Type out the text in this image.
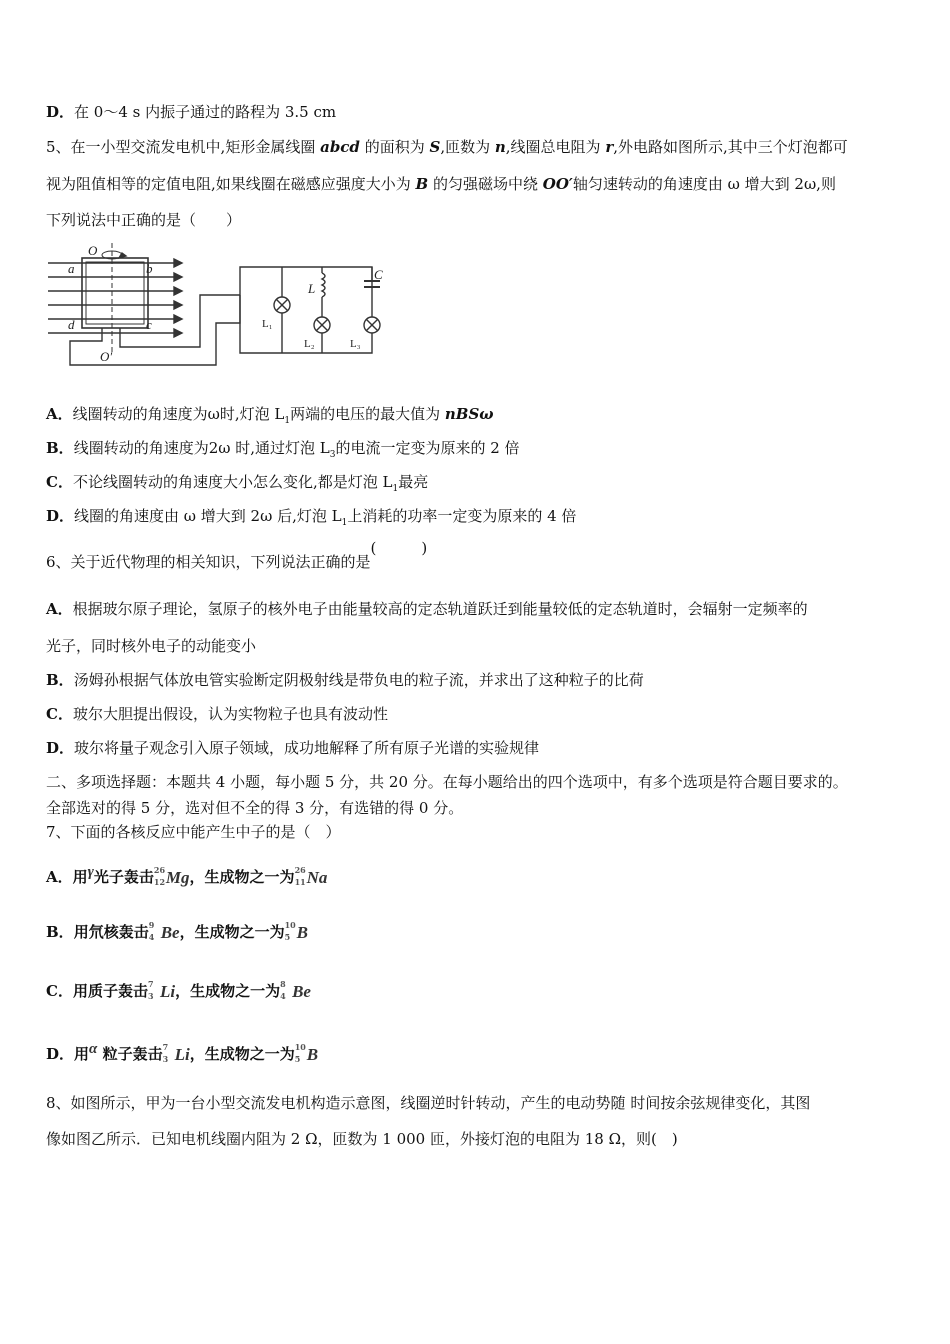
D．在 0～4 s 内振子通过的路程为 3.5 cm
5、在一小型交流发电机中,矩形金属线圈 abcd 的面积为 S,匝数为 n,线圈总电阻为 r,外电路如图所示,其中三个灯泡都可
视为阻值相等的定值电阻,如果线圈在磁感应强度大小为 B 的匀强磁场中绕 OO′轴匀速转动的角速度由 ω 增大到 2ω,则
下列说法中正确的是（　　）
O
a	b
c
d
O′
L
C
L₁
L₂	L₃
A．线圈转动的角速度为ω时,灯泡 $L_1$两端的电压的最大值为 nBSω
B．线圈转动的角速度为2ω 时,通过灯泡 $L_3$的电流一定变为原来的 2 倍
C．不论线圈转动的角速度大小怎么变化,都是灯泡 $L_1$最亮
D．线圈的角速度由 ω 增大到 2ω 后,灯泡 $L_1$上消耗的功率一定变为原来的 4 倍
6、关于近代物理的相关知识，下列说法正确的是(　　　)
A．根据玻尔原子理论，氢原子的核外电子由能量较高的定态轨道跃迁到能量较低的定态轨道时，会辐射一定频率的
光子，同时核外电子的动能变小
B．汤姆孙根据气体放电管实验断定阴极射线是带负电的粒子流，并求出了这种粒子的比荷
C．玻尔大胆提出假设，认为实物粒子也具有波动性
D．玻尔将量子观念引入原子领域，成功地解释了所有原子光谱的实验规律
二、多项选择题：本题共 4 小题，每小题 5 分，共 20 分。在每小题给出的四个选项中，有多个选项是符合题目要求的。
全部选对的得 5 分，选对但不全的得 3 分，有选错的得 0 分。
7、下面的各核反应中能产生中子的是（　）
A．用γ光子轰击 26
12 Mg，生成物之一为 26
11 Na
B．用氘核轰击 9
4 Be，生成物之一为 10
5 B
C．用质子轰击 7
3 Li，生成物之一为 8
4 Be
D．用α 粒子轰击 7
3 Li，生成物之一为 10
5 B
8、如图所示，甲为一台小型交流发电机构造示意图，线圈逆时针转动，产生的电动势随 时间按余弦规律变化，其图
像如图乙所示．已知电机线圈内阻为 2 Ω，匝数为 1 000 匝，外接灯泡的电阻为 18 Ω，则(　)
